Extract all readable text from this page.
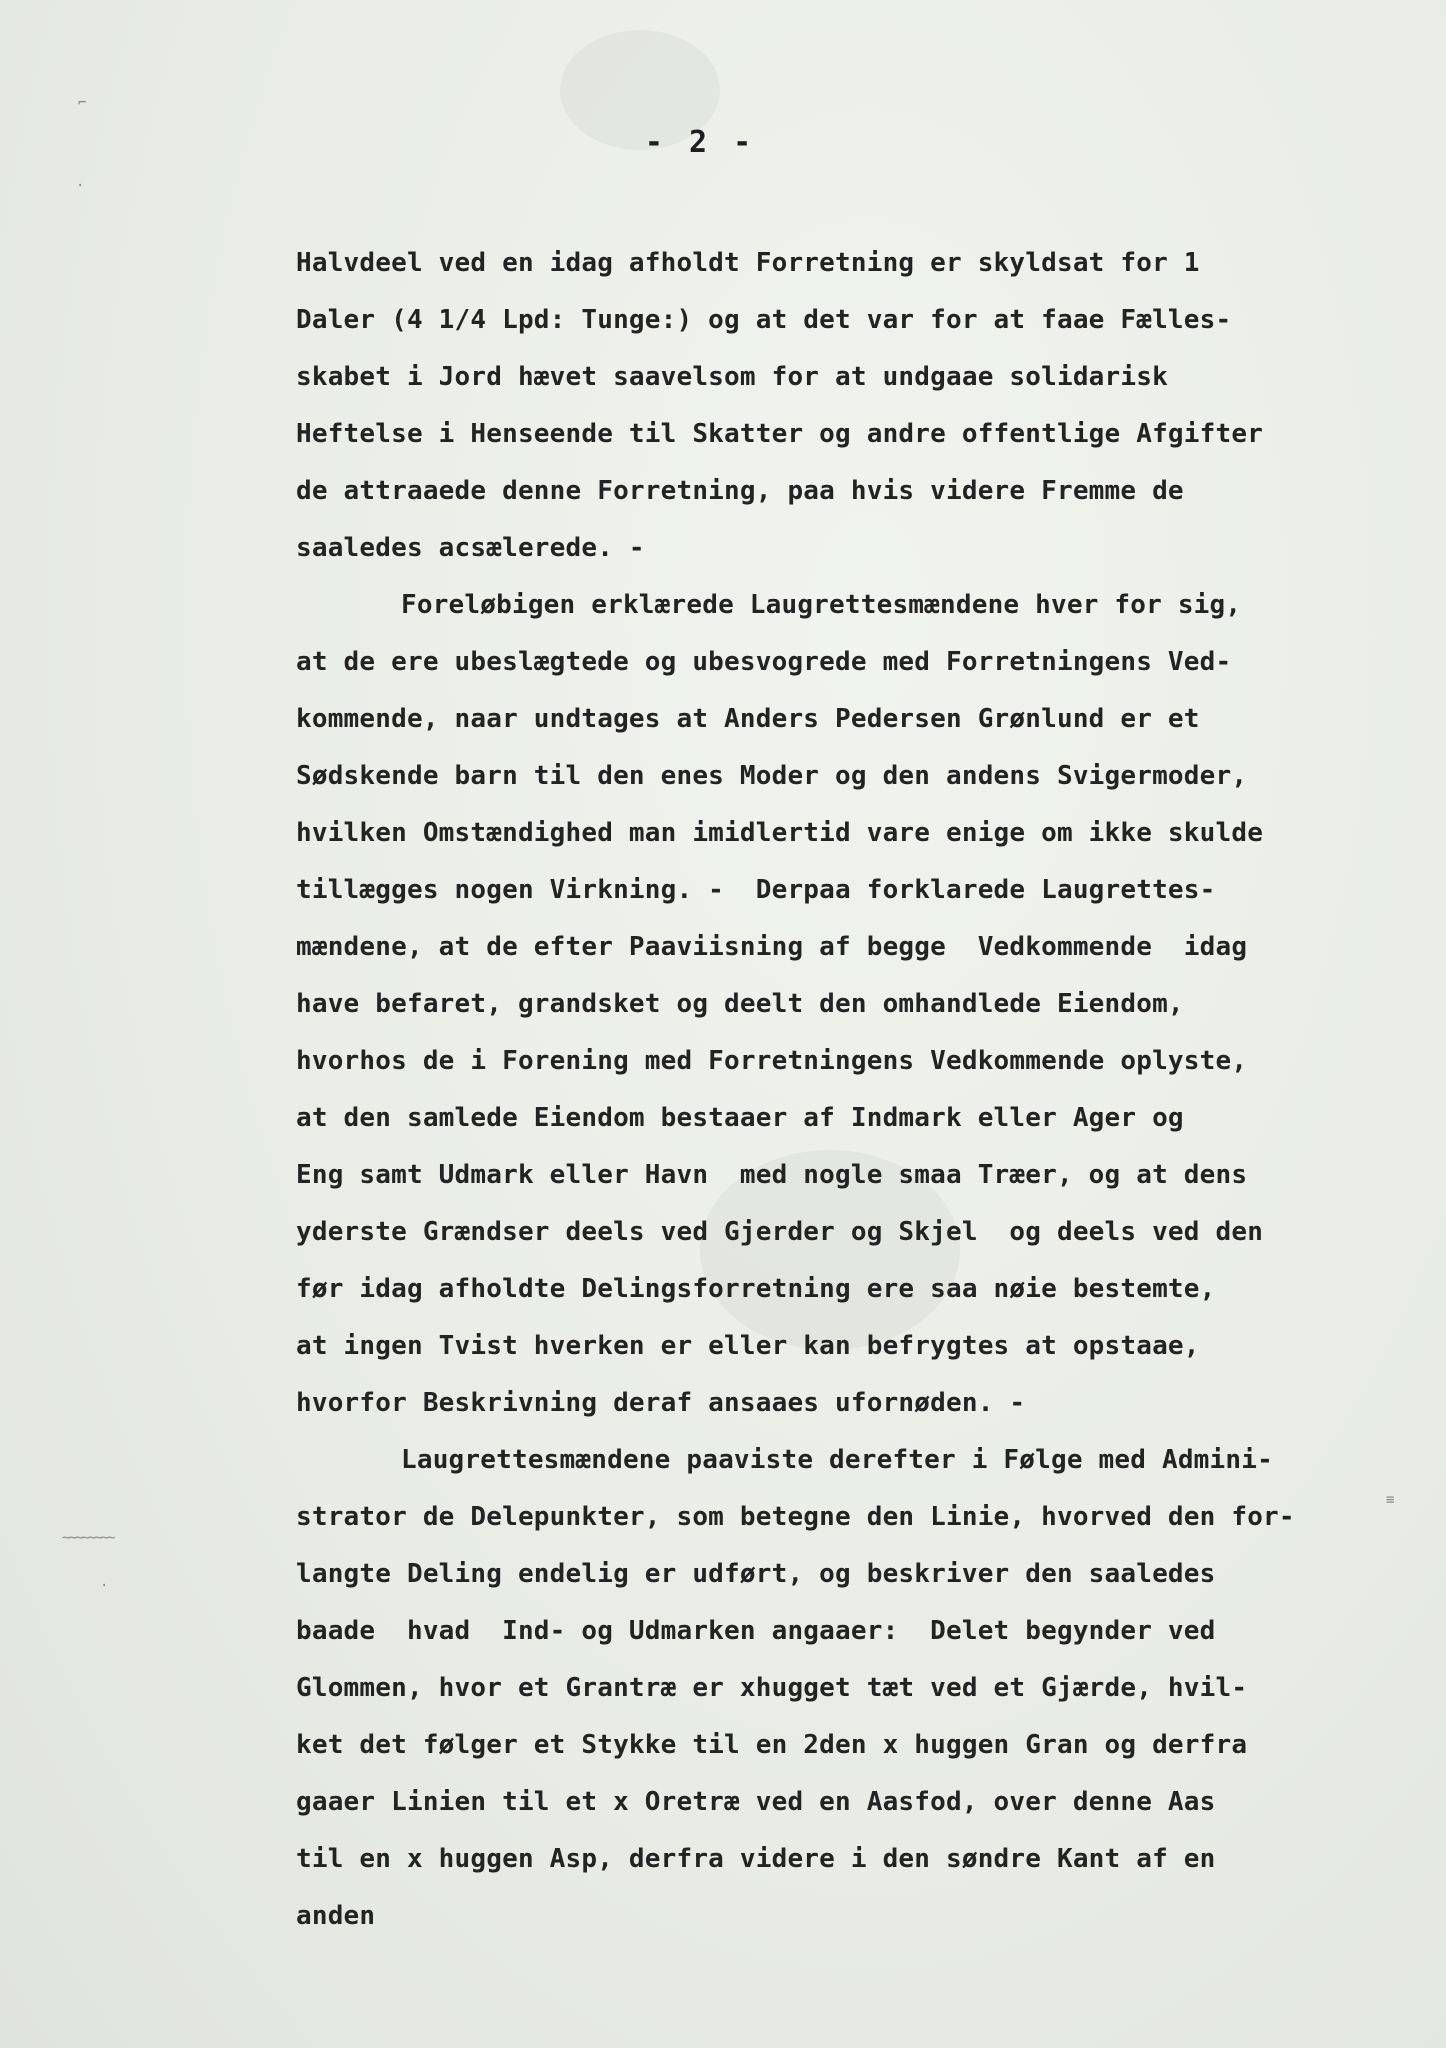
⌐
·
~~~~~~~~
·
≡
- 2 -
Halvdeel ved en idag afholdt Forretning er skyldsat for 1
Daler (4 1/4 Lpd: Tunge:) og at det var for at faae Fælles-
skabet i Jord hævet saavelsom for at undgaae solidarisk
Heftelse i Henseende til Skatter og andre offentlige Afgifter
de attraaede denne Forretning, paa hvis videre Fremme de
saaledes acsælerede. -
Foreløbigen erklærede Laugrettesmændene hver for sig,
at de ere ubeslægtede og ubesvogrede med Forretningens Ved-
kommende, naar undtages at Anders Pedersen Grønlund er et
Sødskende barn til den enes Moder og den andens Svigermoder,
hvilken Omstændighed man imidlertid vare enige om ikke skulde
tillægges nogen Virkning. -  Derpaa forklarede Laugrettes-
mændene, at de efter Paaviisning af begge  Vedkommende  idag
have befaret, grandsket og deelt den omhandlede Eiendom,
hvorhos de i Forening med Forretningens Vedkommende oplyste,
at den samlede Eiendom bestaaer af Indmark eller Ager og
Eng samt Udmark eller Havn  med nogle smaa Træer, og at dens
yderste Grændser deels ved Gjerder og Skjel  og deels ved den
før idag afholdte Delingsforretning ere saa nøie bestemte,
at ingen Tvist hverken er eller kan befrygtes at opstaae,
hvorfor Beskrivning deraf ansaaes ufornøden. -
Laugrettesmændene paaviste derefter i Følge med Admini-
strator de Delepunkter, som betegne den Linie, hvorved den for-
langte Deling endelig er udført, og beskriver den saaledes
baade  hvad  Ind- og Udmarken angaaer:  Delet begynder ved
Glommen, hvor et Grantræ er xhugget tæt ved et Gjærde, hvil-
ket det følger et Stykke til en 2den x huggen Gran og derfra
gaaer Linien til et x Oretræ ved en Aasfod, over denne Aas
til en x huggen Asp, derfra videre i den søndre Kant af en
anden
